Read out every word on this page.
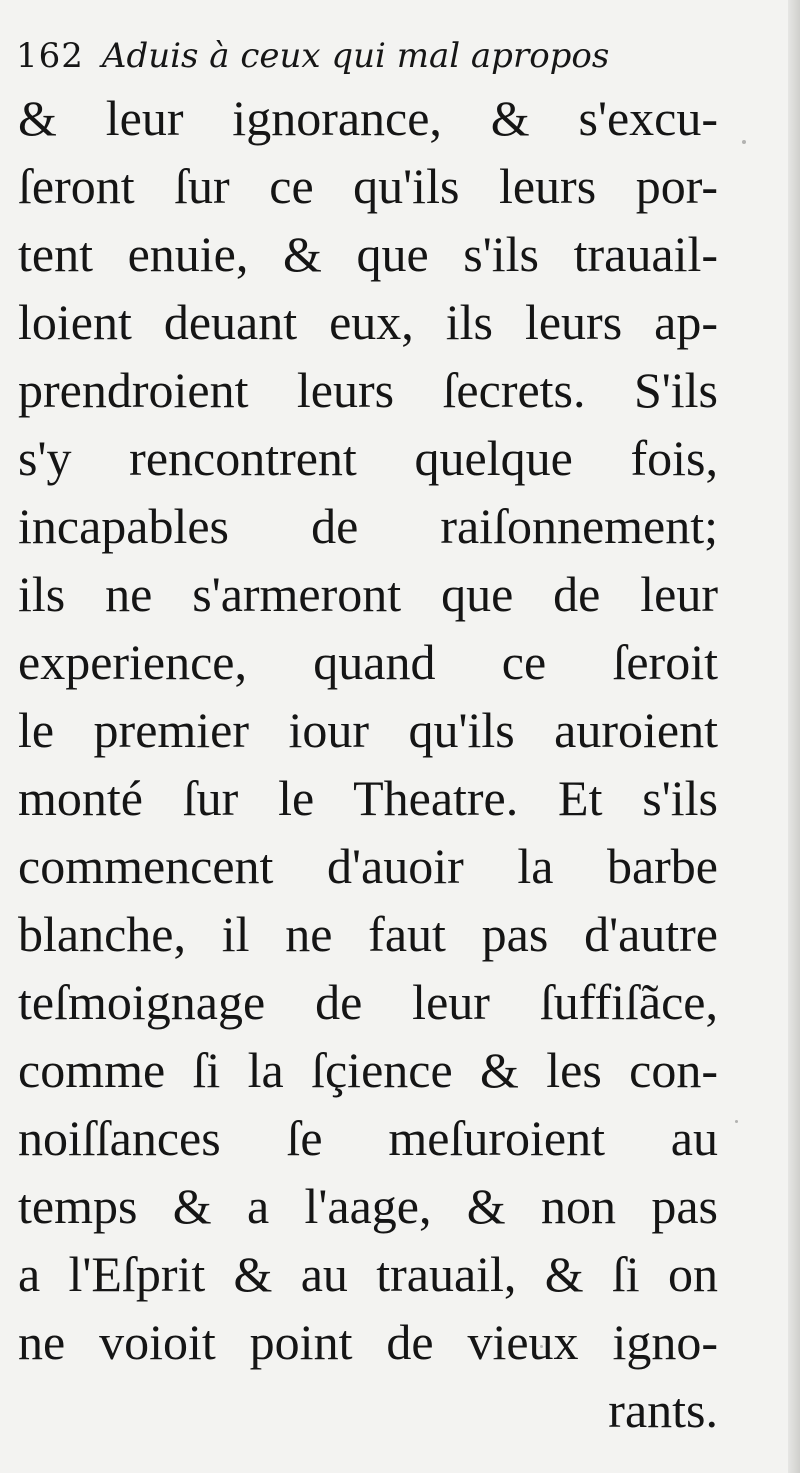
162 Aduis à ceux qui mal apropos
& leur ignorance, & s'excu-
ſeront ſur ce qu'ils leurs por-
tent enuie, & que s'ils trauail-
loient deuant eux, ils leurs ap-
prendroient leurs ſecrets. S'ils
s'y rencontrent quelque fois,
incapables de raiſonnement;
ils ne s'armeront que de leur
experience, quand ce ſeroit
le premier iour qu'ils auroient
monté ſur le Theatre. Et s'ils
commencent d'auoir la barbe
blanche, il ne faut pas d'autre
teſmoignage de leur ſuffiſãce,
comme ſi la ſçience & les con-
noiſſances ſe meſuroient au
temps & a l'aage, & non pas
a l'Eſprit & au trauail, & ſi on
ne voioit point de vieux igno-
rants.
